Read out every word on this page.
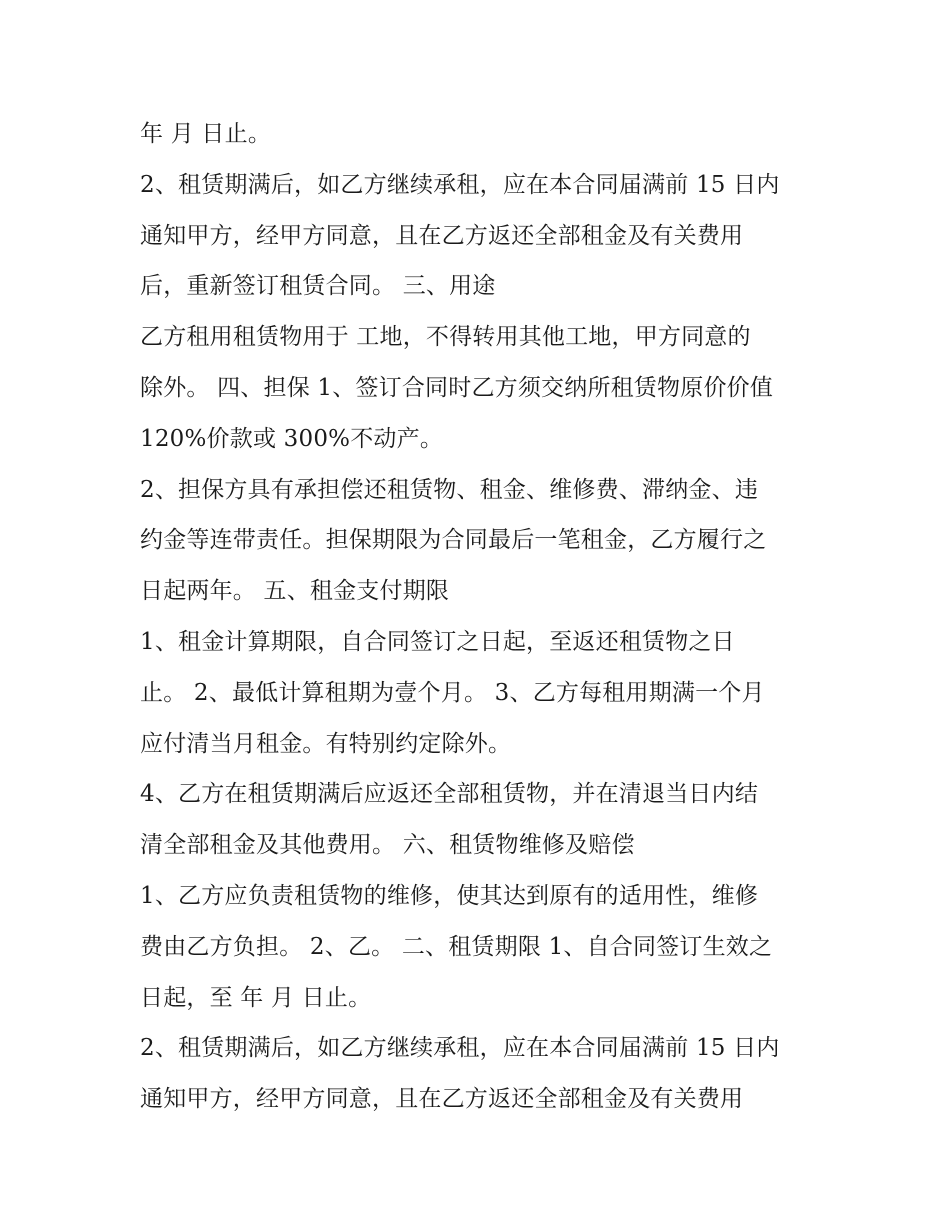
年 月 日止。
2、租赁期满后，如乙方继续承租，应在本合同届满前 15 日内
通知甲方，经甲方同意，且在乙方返还全部租金及有关费用
后，重新签订租赁合同。 三、用途
乙方租用租赁物用于 工地，不得转用其他工地，甲方同意的
除外。 四、担保 1、签订合同时乙方须交纳所租赁物原价价值
120%价款或 300%不动产。
2、担保方具有承担偿还租赁物、租金、维修费、滞纳金、违
约金等连带责任。担保期限为合同最后一笔租金，乙方履行之
日起两年。 五、租金支付期限
1、租金计算期限，自合同签订之日起，至返还租赁物之日
止。 2、最低计算租期为壹个月。 3、乙方每租用期满一个月
应付清当月租金。有特别约定除外。
4、乙方在租赁期满后应返还全部租赁物，并在清退当日内结
清全部租金及其他费用。 六、租赁物维修及赔偿
1、乙方应负责租赁物的维修，使其达到原有的适用性，维修
费由乙方负担。 2、乙。 二、租赁期限 1、自合同签订生效之
日起，至 年 月 日止。
2、租赁期满后，如乙方继续承租，应在本合同届满前 15 日内
通知甲方，经甲方同意，且在乙方返还全部租金及有关费用
